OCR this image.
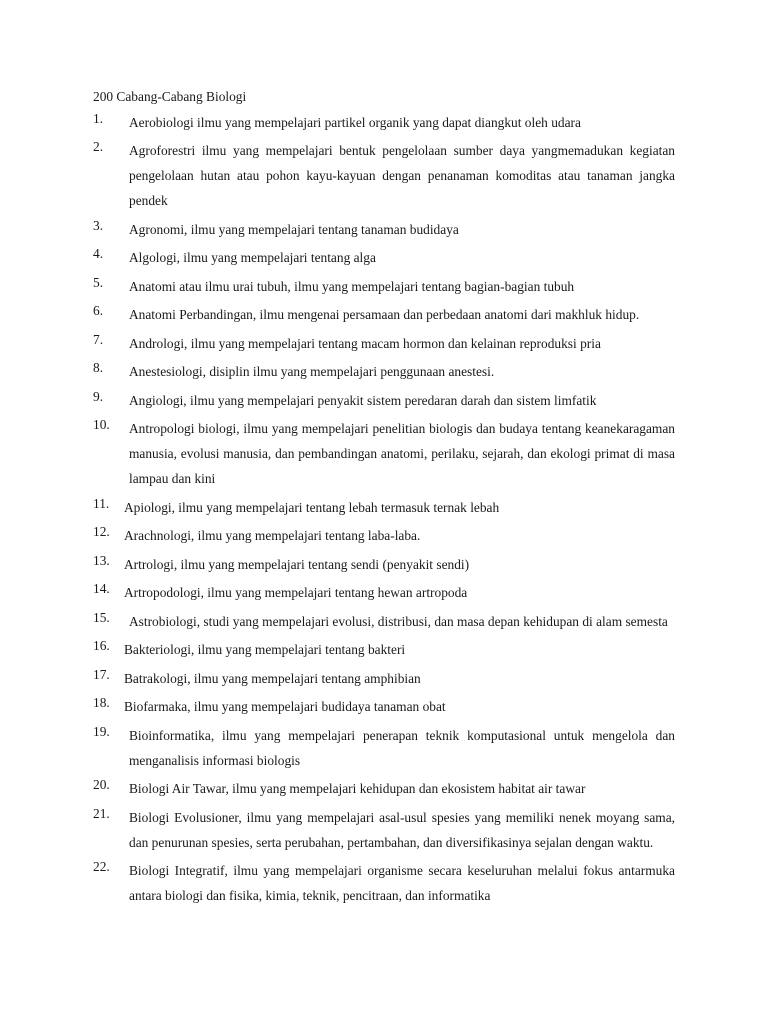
200 Cabang-Cabang Biologi
1. Aerobiologi ilmu yang mempelajari partikel organik yang dapat diangkut oleh udara
2. Agroforestri ilmu yang mempelajari bentuk pengelolaan sumber daya yangmemadukan kegiatan pengelolaan hutan atau pohon kayu-kayuan dengan penanaman komoditas atau tanaman jangka pendek
3. Agronomi, ilmu yang mempelajari tentang tanaman budidaya
4. Algologi, ilmu yang mempelajari tentang alga
5. Anatomi atau ilmu urai tubuh, ilmu yang mempelajari tentang bagian-bagian tubuh
6. Anatomi Perbandingan, ilmu mengenai persamaan dan perbedaan anatomi dari makhluk hidup.
7. Andrologi, ilmu yang mempelajari tentang macam hormon dan kelainan reproduksi pria
8. Anestesiologi, disiplin ilmu yang mempelajari penggunaan anestesi.
9. Angiologi, ilmu yang mempelajari penyakit sistem peredaran darah dan sistem limfatik
10. Antropologi biologi, ilmu yang mempelajari penelitian biologis dan budaya tentang keanekaragaman manusia, evolusi manusia, dan pembandingan anatomi, perilaku, sejarah, dan ekologi primat di masa lampau dan kini
11. Apiologi, ilmu yang mempelajari tentang lebah termasuk ternak lebah
12. Arachnologi, ilmu yang mempelajari tentang laba-laba.
13. Artrologi, ilmu yang mempelajari tentang sendi (penyakit sendi)
14. Artropodologi, ilmu yang mempelajari tentang hewan artropoda
15. Astrobiologi, studi yang mempelajari evolusi, distribusi, dan masa depan kehidupan di alam semesta
16. Bakteriologi, ilmu yang mempelajari tentang bakteri
17. Batrakologi, ilmu yang mempelajari tentang amphibian
18. Biofarmaka, ilmu yang mempelajari budidaya tanaman obat
19. Bioinformatika, ilmu yang mempelajari penerapan teknik komputasional untuk mengelola dan menganalisis informasi biologis
20. Biologi Air Tawar, ilmu yang mempelajari kehidupan dan ekosistem habitat air tawar
21. Biologi Evolusioner, ilmu yang mempelajari asal-usul spesies yang memiliki nenek moyang sama, dan penurunan spesies, serta perubahan, pertambahan, dan diversifikasinya sejalan dengan waktu.
22. Biologi Integratif, ilmu yang mempelajari organisme secara keseluruhan melalui fokus antarmuka antara biologi dan fisika, kimia, teknik, pencitraan, dan informatika
